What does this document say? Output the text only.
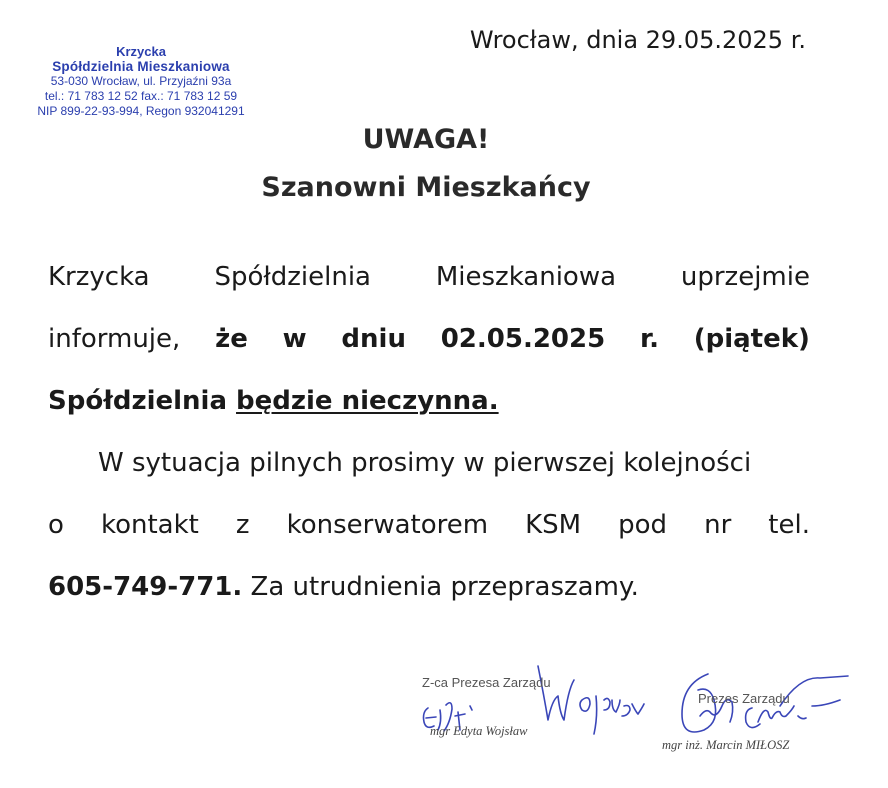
Krzycka
Spółdzielnia Mieszkaniowa
53-030 Wrocław, ul. Przyjaźni 93a
tel.: 71 783 12 52 fax.: 71 783 12 59
NIP 899-22-93-994, Regon 932041291
Wrocław, dnia 29.05.2025 r.
UWAGA!
Szanowni Mieszkańcy
Krzycka Spółdzielnia Mieszkaniowa uprzejmie
informuje, że w dniu 02.05.2025 r. (piątek)
Spółdzielnia będzie nieczynna.
W sytuacja pilnych prosimy w pierwszej kolejności
o kontakt z konserwatorem KSM pod nr tel.
605-749-771. Za utrudnienia przepraszamy.
Z-ca Prezesa Zarządu
mgr Edyta Wojsław
Prezes Zarządu
mgr inż. Marcin MIŁOSZ
